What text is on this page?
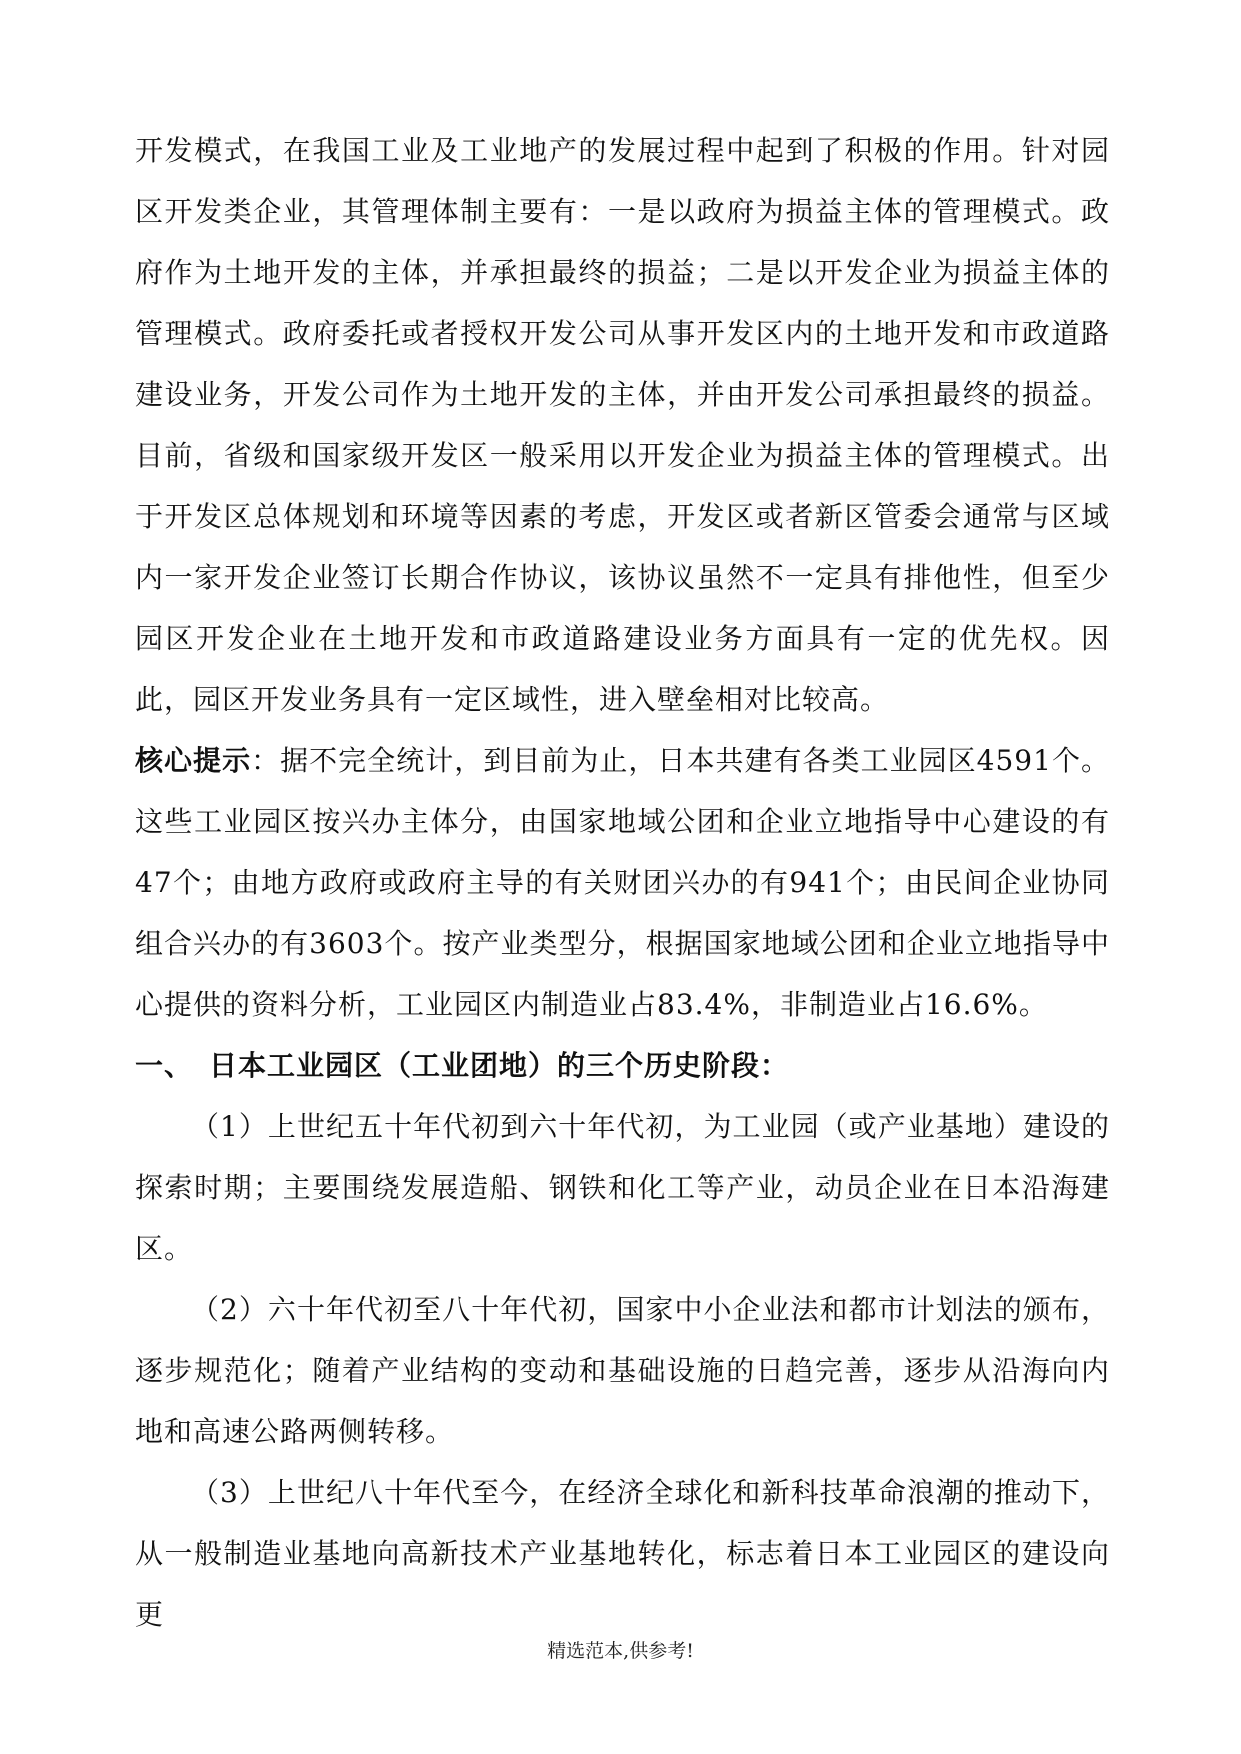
开发模式，在我国工业及工业地产的发展过程中起到了积极的作用。针对园区开发类企业，其管理体制主要有：一是以政府为损益主体的管理模式。政府作为土地开发的主体，并承担最终的损益；二是以开发企业为损益主体的管理模式。政府委托或者授权开发公司从事开发区内的土地开发和市政道路建设业务，开发公司作为土地开发的主体，并由开发公司承担最终的损益。目前，省级和国家级开发区一般采用以开发企业为损益主体的管理模式。出于开发区总体规划和环境等因素的考虑，开发区或者新区管委会通常与区域内一家开发企业签订长期合作协议，该协议虽然不一定具有排他性，但至少园区开发企业在土地开发和市政道路建设业务方面具有一定的优先权。因此，园区开发业务具有一定区域性，进入壁垒相对比较高。

核心提示：据不完全统计，到目前为止，日本共建有各类工业园区4591个。这些工业园区按兴办主体分，由国家地域公团和企业立地指导中心建设的有47个；由地方政府或政府主导的有关财团兴办的有941个；由民间企业协同组合兴办的有3603个。按产业类型分，根据国家地域公团和企业立地指导中心提供的资料分析，工业园区内制造业占83.4%，非制造业占16.6%。

一、 日本工业园区（工业团地）的三个历史阶段：

（1）上世纪五十年代初到六十年代初，为工业园（或产业基地）建设的探索时期；主要围绕发展造船、钢铁和化工等产业，动员企业在日本沿海建区。

（2）六十年代初至八十年代初，国家中小企业法和都市计划法的颁布，逐步规范化；随着产业结构的变动和基础设施的日趋完善，逐步从沿海向内地和高速公路两侧转移。

（3）上世纪八十年代至今，在经济全球化和新科技革命浪潮的推动下，从一般制造业基地向高新技术产业基地转化，标志着日本工业园区的建设向更

精选范本,供参考!
